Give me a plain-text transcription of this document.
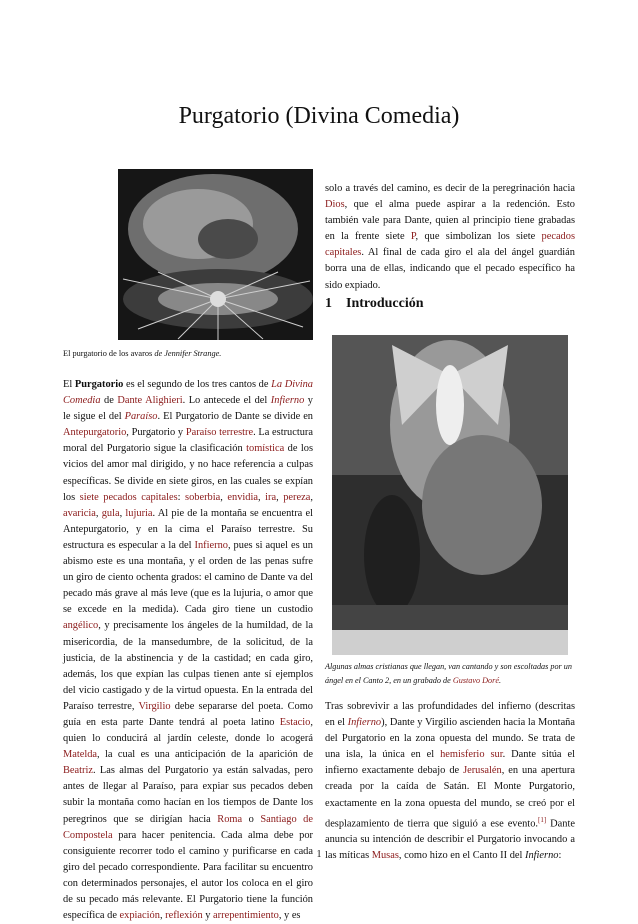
Purgatorio (Divina Comedia)
El purgatorio de los avaros de Jennifer Strange.

El Purgatorio es el segundo de los tres cantos de La Divina Comedia de Dante Alighieri. Lo antecede el del Infierno y le sigue el del Paraíso. El Purgatorio de Dante se divide en Antepurgatorio, Purgatorio y Paraíso terrestre. La estructura moral del Purgatorio sigue la clasificación tomística de los vicios del amor mal dirigido, y no hace referencia a culpas específicas. Se divide en siete giros, en las cuales se expían los siete pecados capitales: soberbia, envidia, ira, pereza, avaricia, gula, lujuria. Al pie de la montaña se encuentra el Antepurgatorio, y en la cima el Paraíso terrestre. Su estructura es especular a la del Infierno, pues si aquel es un abismo este es una montaña, y el orden de las penas sufre un giro de ciento ochenta grados: el camino de Dante va del pecado más grave al más leve (que es la lujuria, o amor que se excede en la medida). Cada giro tiene un custodio angélico, y precisamente los ángeles de la humildad, de la misericordia, de la mansedumbre, de la solicitud, de la justicia, de la abstinencia y de la castidad; en cada giro, además, los que expían las culpas tienen ante sí ejemplos del vicio castigado y de la virtud opuesta. En la entrada del Paraíso terrestre, Virgilio debe separarse del poeta. Como guía en esta parte Dante tendrá al poeta latino Estacio, quien lo conducirá al jardín celeste, donde lo acogerá Matelda, la cual es una anticipación de la aparición de Beatriz. Las almas del Purgatorio ya están salvadas, pero antes de llegar al Paraíso, para expiar sus pecados deben subir la montaña como hacían en los tiempos de Dante los peregrinos que se dirigían hacia Roma o Santiago de Compostela para hacer penitencia. Cada alma debe por consiguiente recorrer todo el camino y purificarse en cada giro del pecado correspondiente. Para facilitar su encuentro con determinados personajes, el autor los coloca en el giro de su pecado más relevante. El Purgatorio tiene la función específica de expiación, reflexión y arrepentimiento, y es

solo a través del camino, es decir de la peregrinación hacia Dios, que el alma puede aspirar a la redención. Esto también vale para Dante, quien al principio tiene grabadas en la frente siete P, que simbolizan los siete pecados capitales. Al final de cada giro el ala del ángel guardián borra una de ellas, indicando que el pecado específico ha sido expiado.

1 Introducción
Algunas almas cristianas que llegan, van cantando y son escoltadas por un ángel en el Canto 2, en un grabado de Gustavo Doré.

Tras sobrevivir a las profundidades del infierno (descritas en el Infierno), Dante y Virgilio ascienden hacia la Montaña del Purgatorio en la zona opuesta del mundo. Se trata de una isla, la única en el hemisferio sur. Dante sitúa el infierno exactamente debajo de Jerusalén, en una apertura creada por la caída de Satán. El Monte Purgatorio, exactamente en la zona opuesta del mundo, se creó por el desplazamiento de tierra que siguió a ese evento.[1] Dante anuncia su intención de describir el Purgatorio invocando a las míticas Musas, como hizo en el Canto II del Infierno:

1
